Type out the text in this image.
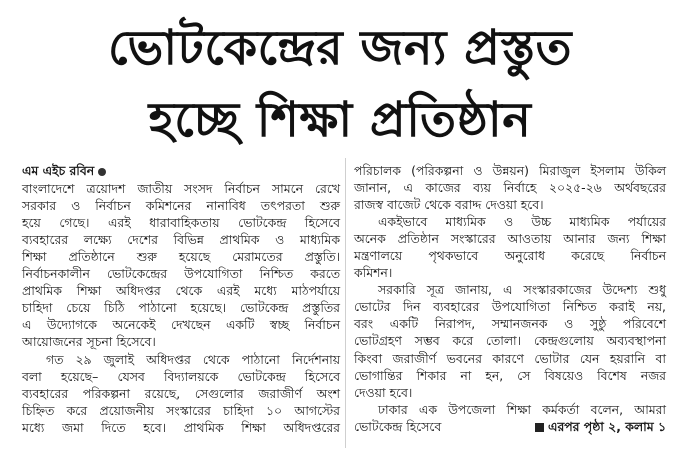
ভোটকেন্দ্রের জন্য প্রস্তুত
হচ্ছে শিক্ষা প্রতিষ্ঠান
এম এইচ রবিন

বাংলাদেশে ত্রয়োদশ জাতীয় সংসদ নির্বাচন সামনে রেখে

সরকার ও নির্বাচন কমিশনের নানাবিধ তৎপরতা শুরু

হয়ে গেছে। এরই ধারাবাহিকতায় ভোটকেন্দ্র হিসেবে

ব্যবহারের লক্ষ্যে দেশের বিভিন্ন প্রাথমিক ও মাধ্যমিক

শিক্ষা প্রতিষ্ঠানে শুরু হয়েছে মেরামতের প্রস্তুতি।

নির্বাচনকালীন ভোটকেন্দ্রের উপযোগিতা নিশ্চিত করতে

প্রাথমিক শিক্ষা অধিদপ্তর থেকে এরই মধ্যে মাঠপর্যায়ে

চাহিদা চেয়ে চিঠি পাঠানো হয়েছে। ভোটকেন্দ্র প্রস্তুতির

এ উদ্যোগকে অনেকেই দেখছেন একটি স্বচ্ছ নির্বাচন

আয়োজনের সূচনা হিসেবে।

গত ২৯ জুলাই অধিদপ্তর থেকে পাঠানো নির্দেশনায়

বলা হয়েছে– যেসব বিদ্যালয়কে ভোটকেন্দ্র হিসেবে

ব্যবহারের পরিকল্পনা রয়েছে, সেগুলোর জরাজীর্ণ অংশ

চিহ্নিত করে প্রয়োজনীয় সংস্কারের চাহিদা ১০ আগস্টের

মধ্যে জমা দিতে হবে। প্রাথমিক শিক্ষা অধিদপ্তরের

পরিচালক (পরিকল্পনা ও উন্নয়ন) মিরাজুল ইসলাম উকিল

জানান, এ কাজের ব্যয় নির্বাহে ২০২৫-২৬ অর্থবছরের

রাজস্ব বাজেট থেকে বরাদ্দ দেওয়া হবে।

একইভাবে মাধ্যমিক ও উচ্চ মাধ্যমিক পর্যায়ের

অনেক প্রতিষ্ঠান সংস্কারের আওতায় আনার জন্য শিক্ষা

মন্ত্রণালয়ে পৃথকভাবে অনুরোধ করেছে নির্বাচন

কমিশন।

সরকারি সূত্র জানায়, এ সংস্কারকাজের উদ্দেশ্য শুধু

ভোটের দিন ব্যবহারের উপযোগিতা নিশ্চিত করাই নয়,

বরং একটি নিরাপদ, সম্মানজনক ও সুষ্ঠু পরিবেশে

ভোটগ্রহণ সম্ভব করে তোলা। কেন্দ্রগুলোয় অব্যবস্থাপনা

কিংবা জরাজীর্ণ ভবনের কারণে ভোটার যেন হয়রানি বা

ভোগান্তির শিকার না হন, সে বিষয়েও বিশেষ নজর

দেওয়া হবে।

ঢাকার এক উপজেলা শিক্ষা কর্মকর্তা বলেন, আমরা

ভোটকেন্দ্র হিসেবে	এরপর পৃষ্ঠা ২, কলাম ১
